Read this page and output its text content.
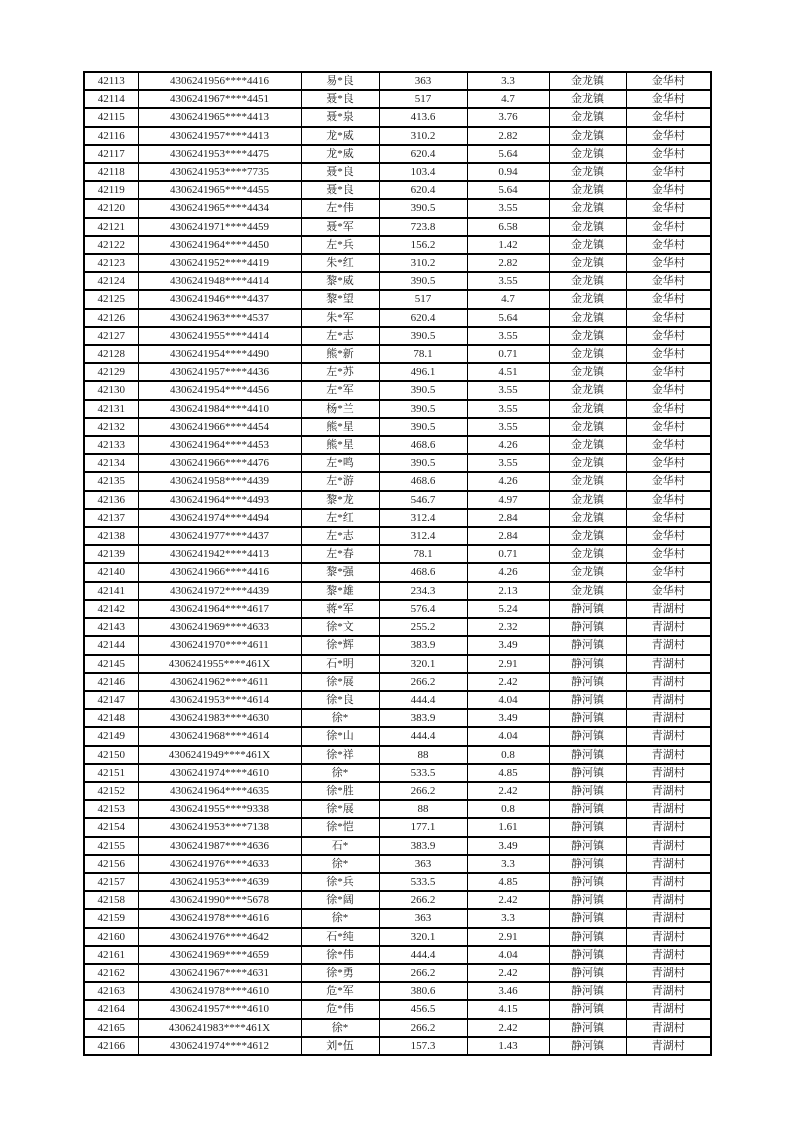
42113	4306241956****4416	易*良	363	3.3	金龙镇	金华村
42114	4306241967****4451	聂*良	517	4.7	金龙镇	金华村
42115	4306241965****4413	聂*泉	413.6	3.76	金龙镇	金华村
42116	4306241957****4413	龙*威	310.2	2.82	金龙镇	金华村
42117	4306241953****4475	龙*威	620.4	5.64	金龙镇	金华村
42118	4306241953****7735	聂*良	103.4	0.94	金龙镇	金华村
42119	4306241965****4455	聂*良	620.4	5.64	金龙镇	金华村
42120	4306241965****4434	左*伟	390.5	3.55	金龙镇	金华村
42121	4306241971****4459	聂*军	723.8	6.58	金龙镇	金华村
42122	4306241964****4450	左*兵	156.2	1.42	金龙镇	金华村
42123	4306241952****4419	朱*红	310.2	2.82	金龙镇	金华村
42124	4306241948****4414	黎*威	390.5	3.55	金龙镇	金华村
42125	4306241946****4437	黎*望	517	4.7	金龙镇	金华村
42126	4306241963****4537	朱*军	620.4	5.64	金龙镇	金华村
42127	4306241955****4414	左*志	390.5	3.55	金龙镇	金华村
42128	4306241954****4490	熊*新	78.1	0.71	金龙镇	金华村
42129	4306241957****4436	左*苏	496.1	4.51	金龙镇	金华村
42130	4306241954****4456	左*军	390.5	3.55	金龙镇	金华村
42131	4306241984****4410	杨*兰	390.5	3.55	金龙镇	金华村
42132	4306241966****4454	熊*星	390.5	3.55	金龙镇	金华村
42133	4306241964****4453	熊*星	468.6	4.26	金龙镇	金华村
42134	4306241966****4476	左*鸣	390.5	3.55	金龙镇	金华村
42135	4306241958****4439	左*游	468.6	4.26	金龙镇	金华村
42136	4306241964****4493	黎*龙	546.7	4.97	金龙镇	金华村
42137	4306241974****4494	左*红	312.4	2.84	金龙镇	金华村
42138	4306241977****4437	左*志	312.4	2.84	金龙镇	金华村
42139	4306241942****4413	左*春	78.1	0.71	金龙镇	金华村
42140	4306241966****4416	黎*强	468.6	4.26	金龙镇	金华村
42141	4306241972****4439	黎*雄	234.3	2.13	金龙镇	金华村
42142	4306241964****4617	蒋*军	576.4	5.24	静河镇	青湖村
42143	4306241969****4633	徐*文	255.2	2.32	静河镇	青湖村
42144	4306241970****4611	徐*辉	383.9	3.49	静河镇	青湖村
42145	4306241955****461X	石*明	320.1	2.91	静河镇	青湖村
42146	4306241962****4611	徐*展	266.2	2.42	静河镇	青湖村
42147	4306241953****4614	徐*良	444.4	4.04	静河镇	青湖村
42148	4306241983****4630	徐*	383.9	3.49	静河镇	青湖村
42149	4306241968****4614	徐*山	444.4	4.04	静河镇	青湖村
42150	4306241949****461X	徐*祥	88	0.8	静河镇	青湖村
42151	4306241974****4610	徐*	533.5	4.85	静河镇	青湖村
42152	4306241964****4635	徐*胜	266.2	2.42	静河镇	青湖村
42153	4306241955****9338	徐*展	88	0.8	静河镇	青湖村
42154	4306241953****7138	徐*恺	177.1	1.61	静河镇	青湖村
42155	4306241987****4636	石*	383.9	3.49	静河镇	青湖村
42156	4306241976****4633	徐*	363	3.3	静河镇	青湖村
42157	4306241953****4639	徐*兵	533.5	4.85	静河镇	青湖村
42158	4306241990****5678	徐*阔	266.2	2.42	静河镇	青湖村
42159	4306241978****4616	徐*	363	3.3	静河镇	青湖村
42160	4306241976****4642	石*纯	320.1	2.91	静河镇	青湖村
42161	4306241969****4659	徐*伟	444.4	4.04	静河镇	青湖村
42162	4306241967****4631	徐*勇	266.2	2.42	静河镇	青湖村
42163	4306241978****4610	危*军	380.6	3.46	静河镇	青湖村
42164	4306241957****4610	危*伟	456.5	4.15	静河镇	青湖村
42165	4306241983****461X	徐*	266.2	2.42	静河镇	青湖村
42166	4306241974****4612	刘*伍	157.3	1.43	静河镇	青湖村
